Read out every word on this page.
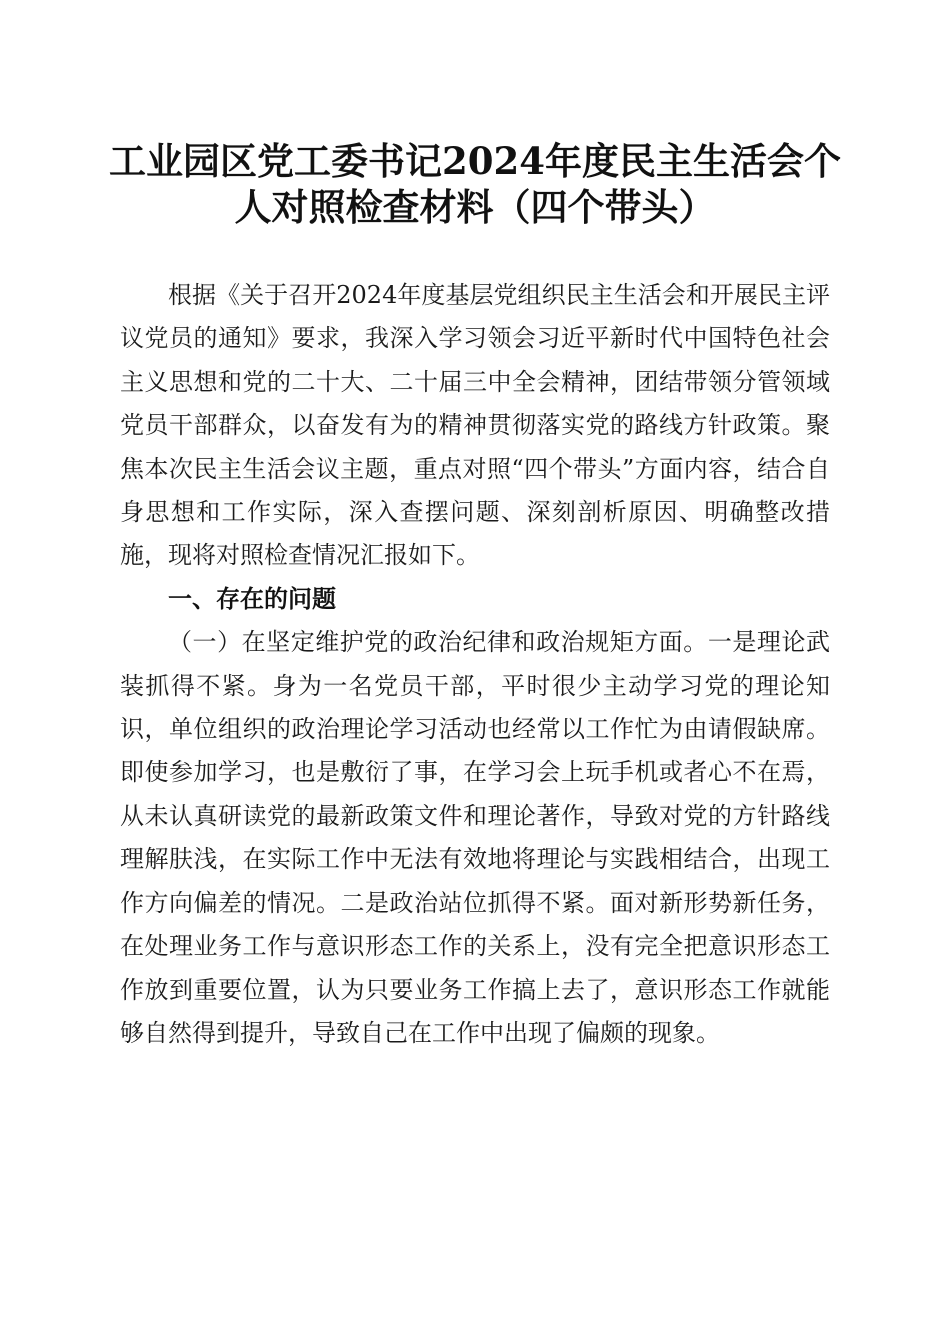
工业园区党工委书记2024年度民主生活会个
人对照检查材料（四个带头）

根据《关于召开2024年度基层党组织民主生活会和开展民主评议党员的通知》要求，我深入学习领会习近平新时代中国特色社会主义思想和党的二十大、二十届三中全会精神，团结带领分管领域党员干部群众，以奋发有为的精神贯彻落实党的路线方针政策。聚焦本次民主生活会议主题，重点对照“四个带头”方面内容，结合自身思想和工作实际，深入查摆问题、深刻剖析原因、明确整改措施，现将对照检查情况汇报如下。

一、存在的问题

（一）在坚定维护党的政治纪律和政治规矩方面。一是理论武装抓得不紧。身为一名党员干部，平时很少主动学习党的理论知识，单位组织的政治理论学习活动也经常以工作忙为由请假缺席。即使参加学习，也是敷衍了事，在学习会上玩手机或者心不在焉，从未认真研读党的最新政策文件和理论著作，导致对党的方针路线理解肤浅，在实际工作中无法有效地将理论与实践相结合，出现工作方向偏差的情况。二是政治站位抓得不紧。面对新形势新任务，在处理业务工作与意识形态工作的关系上，没有完全把意识形态工作放到重要位置，认为只要业务工作搞上去了，意识形态工作就能够自然得到提升，导致自己在工作中出现了偏颇的现象。
